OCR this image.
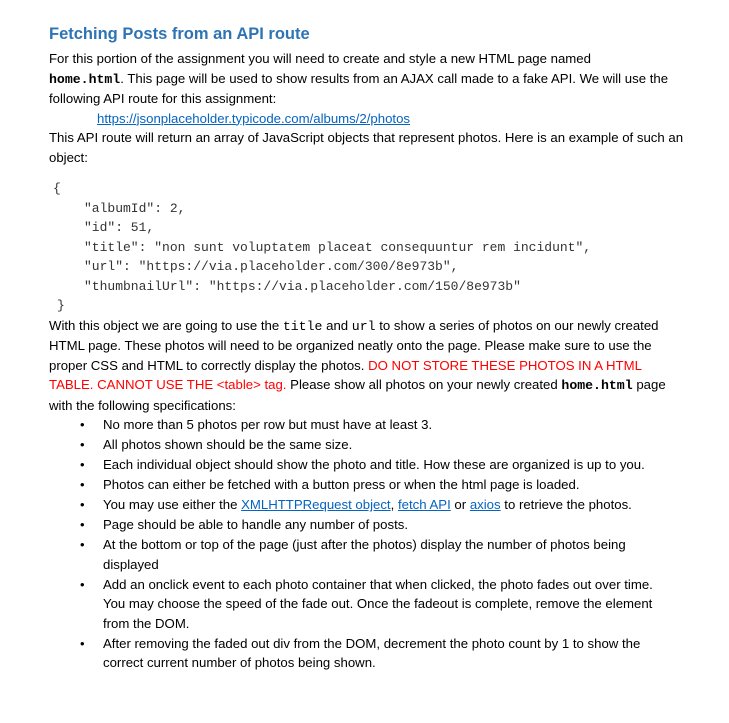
Fetching Posts from an API route

For this portion of the assignment you will need to create and style a new HTML page named
home.html. This page will be used to show results from an AJAX call made to a fake API. We will use the following API route for this assignment:

https://jsonplaceholder.typicode.com/albums/2/photos

This API route will return an array of JavaScript objects that represent photos. Here is an example of such an object:

{
"albumId": 2,
"id": 51,
"title": "non sunt voluptatem placeat consequuntur rem incidunt",
"url": "https://via.placeholder.com/300/8e973b",
"thumbnailUrl": "https://via.placeholder.com/150/8e973b"
}

With this object we are going to use the title and url to show a series of photos on our newly created HTML page. These photos will need to be organized neatly onto the page. Please make sure to use the proper CSS and HTML to correctly display the photos. DO NOT STORE THESE PHOTOS IN A HTML TABLE. CANNOT USE THE <table> tag. Please show all photos on your newly created home.html page with the following specifications:

• No more than 5 photos per row but must have at least 3.
• All photos shown should be the same size.
• Each individual object should show the photo and title. How these are organized is up to you.
• Photos can either be fetched with a button press or when the html page is loaded.
• You may use either the XMLHTTPRequest object, fetch API or axios to retrieve the photos.
• Page should be able to handle any number of posts.
• At the bottom or top of the page (just after the photos) display the number of photos being displayed
• Add an onclick event to each photo container that when clicked, the photo fades out over time. You may choose the speed of the fade out. Once the fadeout is complete, remove the element from the DOM.
• After removing the faded out div from the DOM, decrement the photo count by 1 to show the correct current number of photos being shown.
